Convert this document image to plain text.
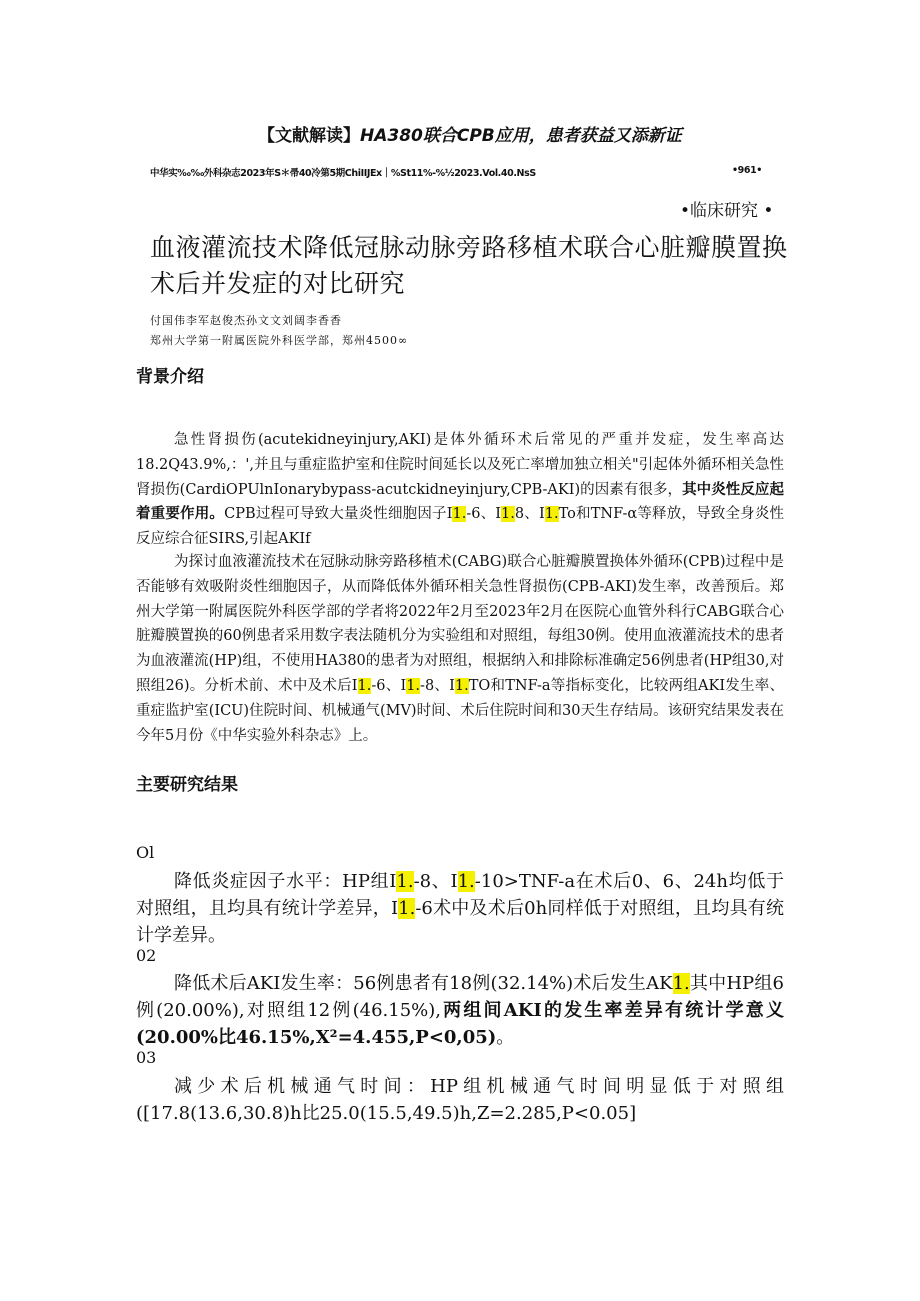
【文献解读】HA380联合CPB应用，患者获益又添新证
中华实‰‰外科杂志2023年S＊帚40冷第5期ChiIIJEx｜%St11%-%½2023.Vol.40.NsS	•961•
•临床研究 •
血液灌流技术降低冠脉动脉旁路移植术联合心脏瓣膜置换
术后并发症的对比研究
付国伟李军赵俊杰孙文文刘阔李香香
郑州大学第一附属医院外科医学部，郑州4500∞
背景介绍
急性肾损伤(acutekidneyinjury,AKI)是体外循环术后常见的严重并发症，发生率高达18.2Q43.9%,：',并且与重症监护室和住院时间延长以及死亡率增加独立相关"引起体外循环相关急性肾损伤(CardiOPUlnIonarybypass-acutckidneyinjury,CPB-AKI)的因素有很多，其中炎性反应起着重要作用。CPB过程可导致大量炎性细胞因子I1.-6、I1.8、I1.To和TNF-α等释放，导致全身炎性反应综合征SIRS,引起AKIf
为探讨血液灌流技术在冠脉动脉旁路移植术(CABG)联合心脏瓣膜置换体外循环(CPB)过程中是否能够有效吸附炎性细胞因子，从而降低体外循环相关急性肾损伤(CPB-AKI)发生率，改善预后。郑州大学第一附属医院外科医学部的学者将2022年2月至2023年2月在医院心血管外科行CABG联合心脏瓣膜置换的60例患者采用数字表法随机分为实验组和对照组，每组30例。使用血液灌流技术的患者为血液灌流(HP)组，不使用HA380的患者为对照组，根据纳入和排除标准确定56例患者(HP组30,对照组26)。分析术前、术中及术后I1.-6、I1.-8、I1.TO和TNF-a等指标变化，比较两组AKI发生率、重症监护室(ICU)住院时间、机械通气(MV)时间、术后住院时间和30天生存结局。该研究结果发表在今年5月份《中华实验外科杂志》上。
主要研究结果
Ol
降低炎症因子水平：HP组I1.-8、I1.-10>TNF-a在术后0、6、24h均低于对照组，且均具有统计学差异，I1.-6术中及术后0h同样低于对照组，且均具有统计学差异。
02
降低术后AKI发生率：56例患者有18例(32.14%)术后发生AK1.其中HP组6例(20.00%),对照组12例(46.15%),两组间AKI的发生率差异有统计学意义(20.00%比46.15%,X²=4.455,P<0,05)。
03
减少术后机械通气时间：HP组机械通气时间明显低于对照组([17.8(13.6,30.8)h比25.0(15.5,49.5)h,Z=2.285,P<0.05]
